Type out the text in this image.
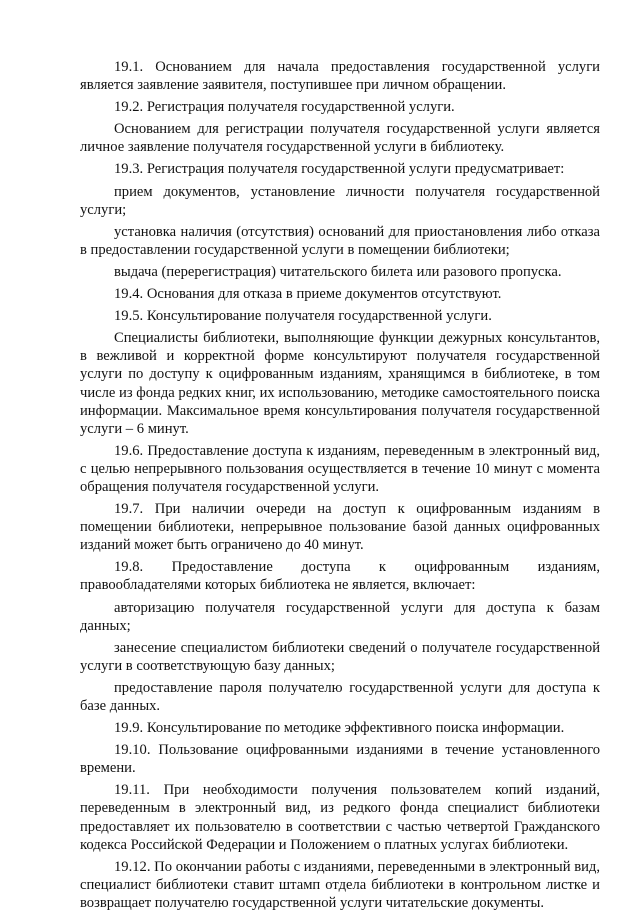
19.1. Основанием для начала предоставления государственной услуги является заявление заявителя, поступившее при личном обращении.

19.2. Регистрация получателя государственной услуги.

Основанием для регистрации получателя государственной услуги является личное заявление получателя государственной услуги в библиотеку.

19.3. Регистрация получателя государственной услуги предусматривает:

прием документов, установление личности получателя государственной услуги;

установка наличия (отсутствия) оснований для приостановления либо отказа в предоставлении государственной услуги в помещении библиотеки;

выдача (перерегистрация) читательского билета или разового пропуска.

19.4. Основания для отказа в приеме документов отсутствуют.

19.5. Консультирование получателя государственной услуги.

Специалисты библиотеки, выполняющие функции дежурных консультантов, в вежливой и корректной форме консультируют получателя государственной услуги по доступу к оцифрованным изданиям, хранящимся в библиотеке, в том числе из фонда редких книг, их использованию, методике самостоятельного поиска информации. Максимальное время консультирования получателя государственной услуги – 6 минут.

19.6. Предоставление доступа к изданиям, переведенным в электронный вид, с целью непрерывного пользования осуществляется в течение 10 минут с момента обращения получателя государственной услуги.

19.7. При наличии очереди на доступ к оцифрованным изданиям в помещении библиотеки, непрерывное пользование базой данных оцифрованных изданий может быть ограничено до 40 минут.

19.8. Предоставление доступа к оцифрованным изданиям, правообладателями которых библиотека не является, включает:

авторизацию получателя государственной услуги для доступа к базам данных;

занесение специалистом библиотеки сведений о получателе государственной услуги в соответствующую базу данных;

предоставление пароля получателю государственной услуги для доступа к базе данных.

19.9. Консультирование по методике эффективного поиска информации.

19.10. Пользование оцифрованными изданиями в течение установленного времени.

19.11. При необходимости получения пользователем копий изданий, переведенным в электронный вид, из редкого фонда специалист библиотеки предоставляет их пользователю в соответствии с частью четвертой Гражданского кодекса Российской Федерации и Положением о платных услугах библиотеки.

19.12. По окончании работы с изданиями, переведенными в электронный вид, специалист библиотеки ставит штамп отдела библиотеки в контрольном листке и возвращает получателю государственной услуги читательские документы.
